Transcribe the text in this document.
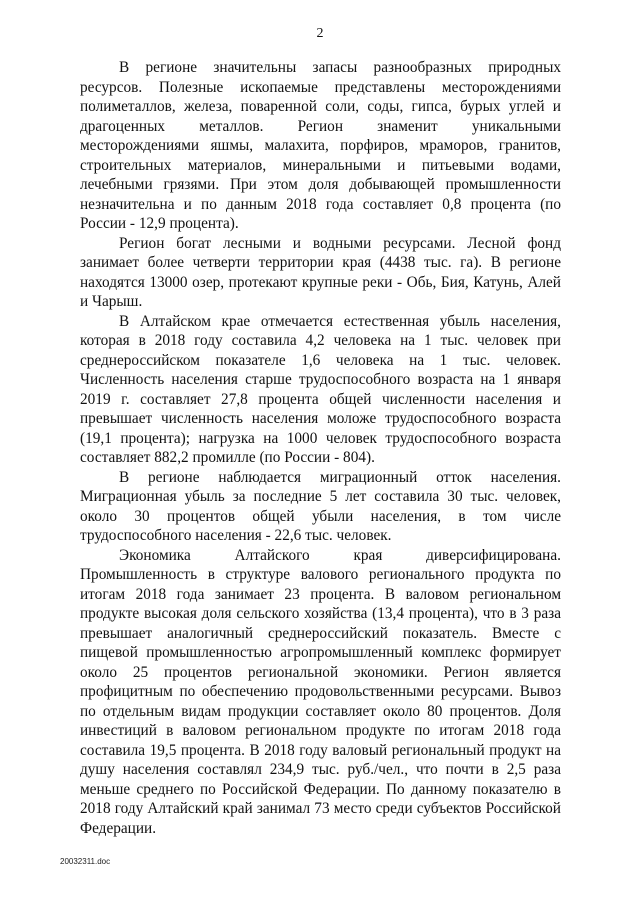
2

В регионе значительны запасы разнообразных природных ресурсов. Полезные ископаемые представлены месторождениями полиметаллов, железа, поваренной соли, соды, гипса, бурых углей и драгоценных металлов. Регион знаменит уникальными месторождениями яшмы, малахита, порфиров, мраморов, гранитов, строительных материалов, минеральными и питьевыми водами, лечебными грязями. При этом доля добывающей промышленности незначительна и по данным 2018 года составляет 0,8 процента (по России - 12,9 процента).

Регион богат лесными и водными ресурсами. Лесной фонд занимает более четверти территории края (4438 тыс. га). В регионе находятся 13000 озер, протекают крупные реки - Обь, Бия, Катунь, Алей и Чарыш.

В Алтайском крае отмечается естественная убыль населения, которая в 2018 году составила 4,2 человека на 1 тыс. человек при среднероссийском показателе 1,6 человека на 1 тыс. человек. Численность населения старше трудоспособного возраста на 1 января 2019 г. составляет 27,8 процента общей численности населения и превышает численность населения моложе трудоспособного возраста (19,1 процента); нагрузка на 1000 человек трудоспособного возраста составляет 882,2 промилле (по России - 804).

В регионе наблюдается миграционный отток населения. Миграционная убыль за последние 5 лет составила 30 тыс. человек, около 30 процентов общей убыли населения, в том числе трудоспособного населения - 22,6 тыс. человек.

Экономика Алтайского края диверсифицирована. Промышленность в структуре валового регионального продукта по итогам 2018 года занимает 23 процента. В валовом региональном продукте высокая доля сельского хозяйства (13,4 процента), что в 3 раза превышает аналогичный среднероссийский показатель. Вместе с пищевой промышленностью агропромышленный комплекс формирует около 25 процентов региональной экономики. Регион является профицитным по обеспечению продовольственными ресурсами. Вывоз по отдельным видам продукции составляет около 80 процентов. Доля инвестиций в валовом региональном продукте по итогам 2018 года составила 19,5 процента. В 2018 году валовый региональный продукт на душу населения составлял 234,9 тыс. руб./чел., что почти в 2,5 раза меньше среднего по Российской Федерации. По данному показателю в 2018 году Алтайский край занимал 73 место среди субъектов Российской Федерации.

20032311.doc
